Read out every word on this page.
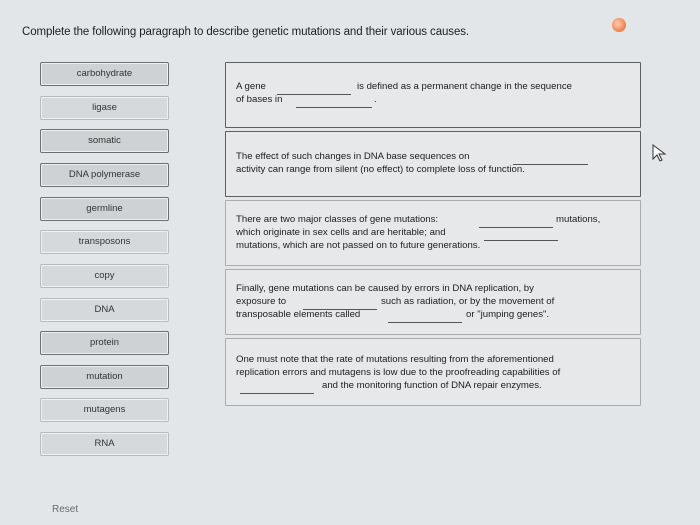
Complete the following paragraph to describe genetic mutations and their various causes.
carbohydrate
ligase
somatic
DNA polymerase
germline
transposons
copy
DNA
protein
mutation
mutagens
RNA
A gene	is defined as a permanent change in the sequence
of bases in	.
The effect of such changes in DNA base sequences on
activity can range from silent (no effect) to complete loss of function.
There are two major classes of gene mutations:	mutations,
which originate in sex cells and are heritable; and
mutations, which are not passed on to future generations.
Finally, gene mutations can be caused by errors in DNA replication, by
exposure to	such as radiation, or by the movement of
transposable elements called	or "jumping genes".
One must note that the rate of mutations resulting from the aforementioned
replication errors and mutagens is low due to the proofreading capabilities of
and the monitoring function of DNA repair enzymes.
Reset
